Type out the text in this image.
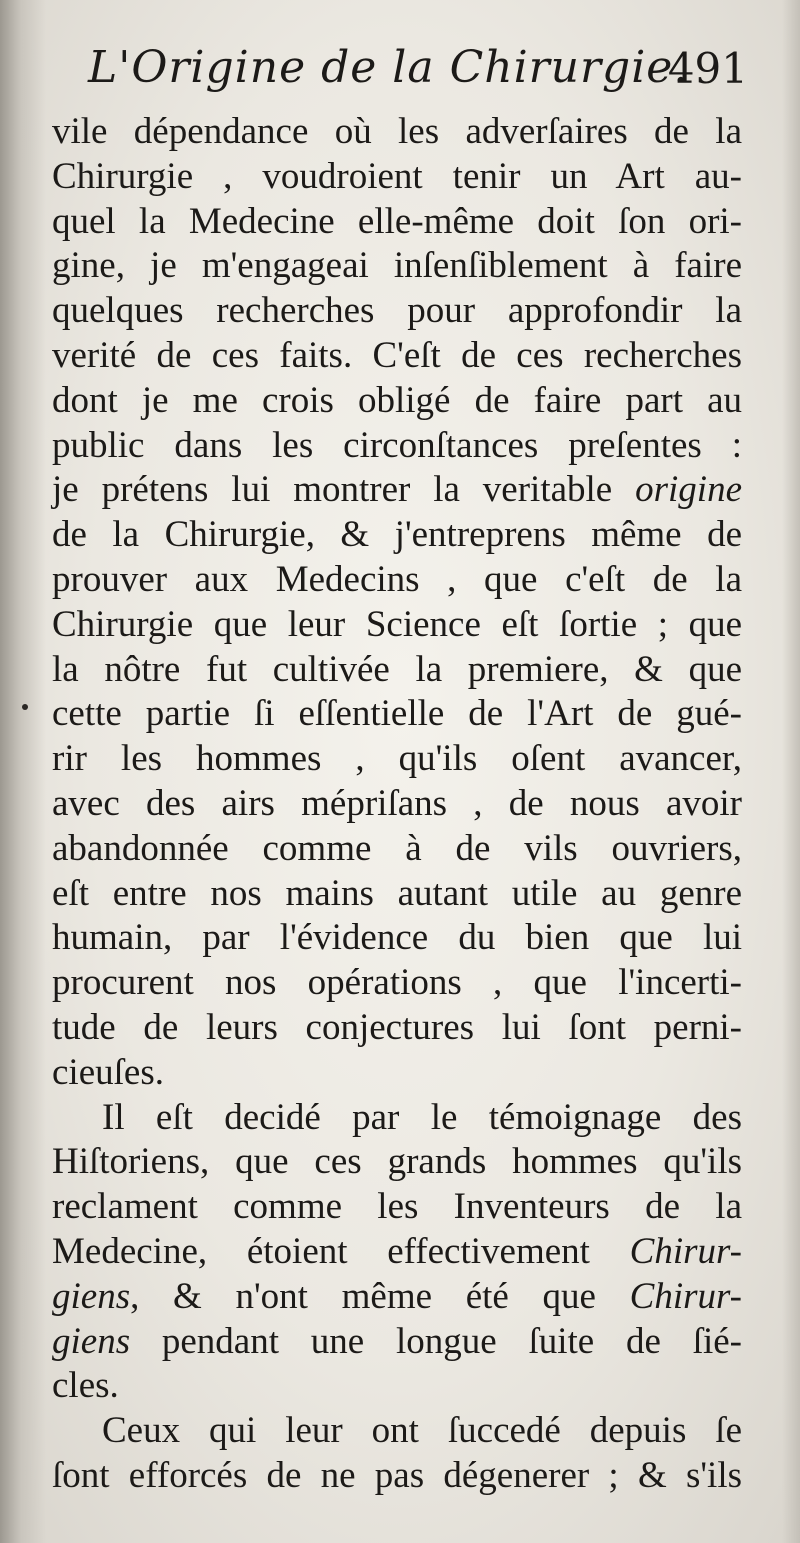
L'Origine de la Chirurgie.
491
vile dépendance où les adverſaires de la
Chirurgie , voudroient tenir un Art au-
quel la Medecine elle-même doit ſon ori-
gine, je m'engageai inſenſiblement à faire
quelques recherches pour approfondir la
verité de ces faits. C'eſt de ces recherches
dont je me crois obligé de faire part au
public dans les circonſtances preſentes :
je prétens lui montrer la veritable origine
de la Chirurgie, & j'entreprens même de
prouver aux Medecins , que c'eſt de la
Chirurgie que leur Science eſt ſortie ; que
la nôtre fut cultivée la premiere, & que
cette partie ſi eſſentielle de l'Art de gué-
rir les hommes , qu'ils oſent avancer,
avec des airs mépriſans , de nous avoir
abandonnée comme à de vils ouvriers,
eſt entre nos mains autant utile au genre
humain, par l'évidence du bien que lui
procurent nos opérations , que l'incerti-
tude de leurs conjectures lui ſont perni-
cieuſes.
Il eſt decidé par le témoignage des
Hiſtoriens, que ces grands hommes qu'ils
reclament comme les Inventeurs de la
Medecine, étoient effectivement Chirur-
giens, & n'ont même été que Chirur-
giens pendant une longue ſuite de ſié-
cles.
Ceux qui leur ont ſuccedé depuis ſe
ſont efforcés de ne pas dégenerer ; & s'ils
